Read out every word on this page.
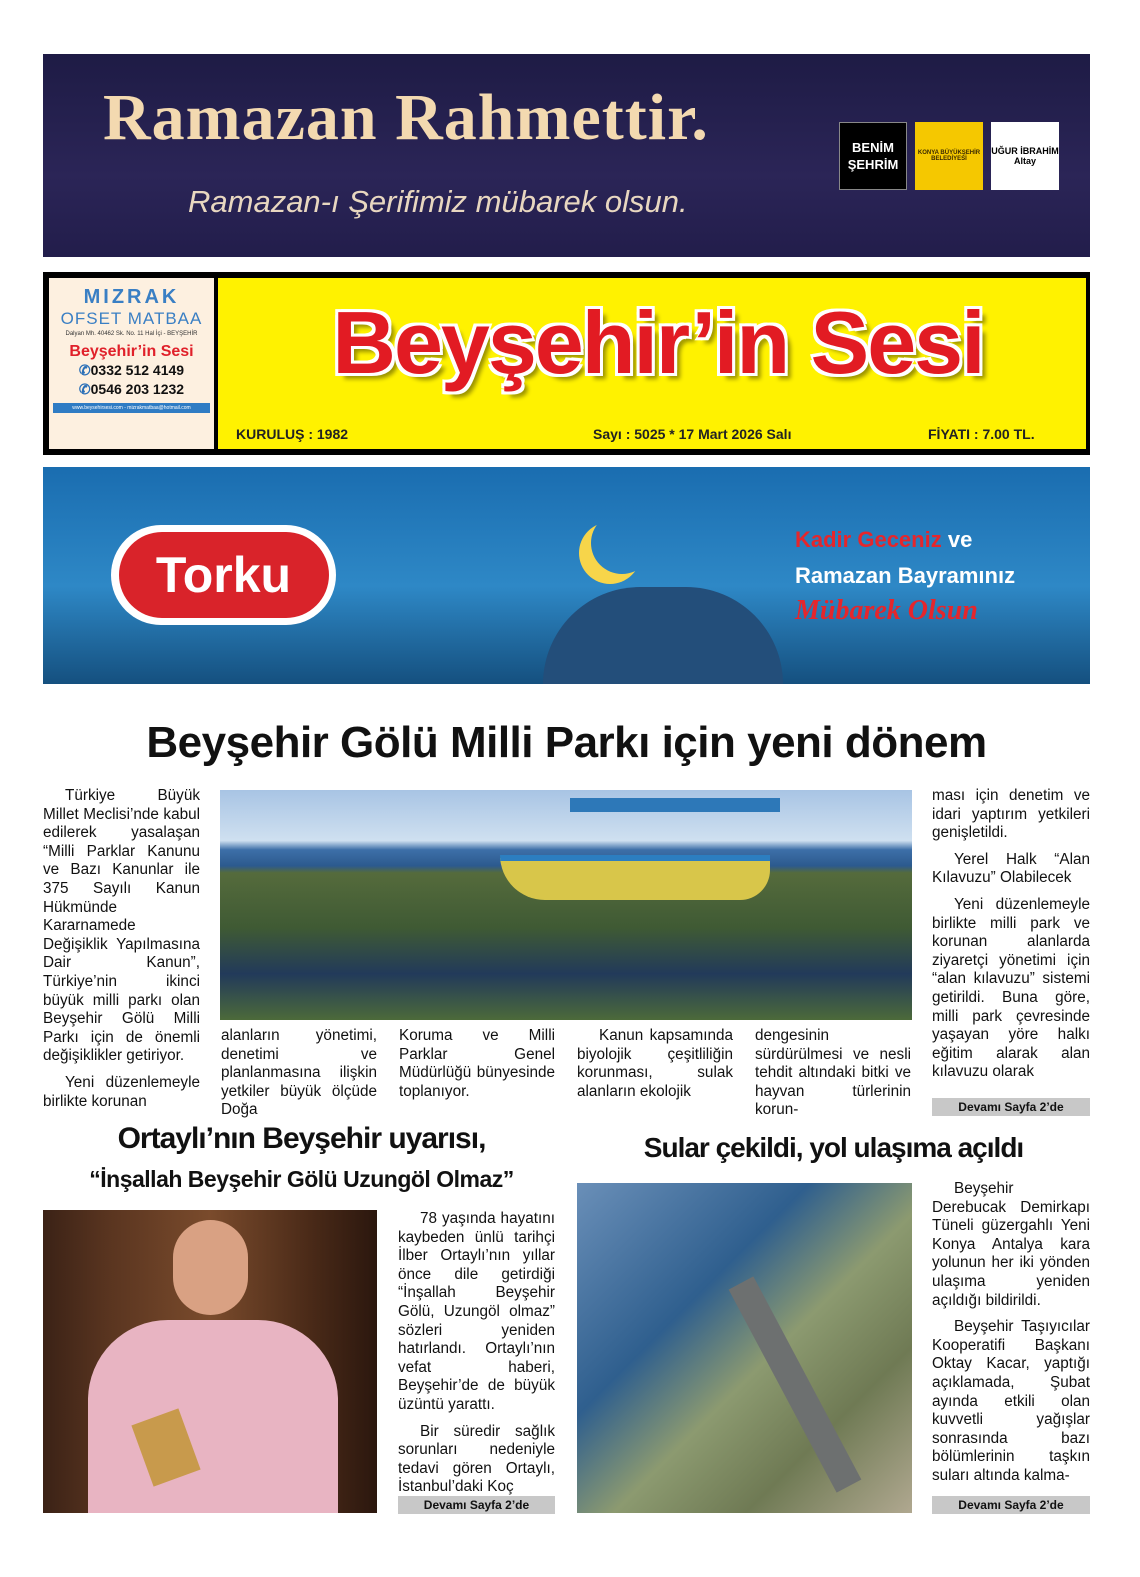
Ramazan Rahmettir.
Ramazan-ı Şerifimiz mübarek olsun.
BENİM ŞEHRİM
KONYA BÜYÜKŞEHİR BELEDİYESİ
UĞUR İBRAHİM Altay
MIZRAK
OFSET MATBAA
Dalyan Mh. 40462 Sk. No. 11 Hal İçi - BEYŞEHİR
Beyşehir’in Sesi
✆0332 512 4149
✆0546 203 1232
www.beysehirsesi.com - mizrakmatbaa@hotmail.com
Beyşehir’in Sesi
KURULUŞ : 1982	Sayı : 5025 * 17 Mart 2026 Salı	FİYATI : 7.00 TL.
Torku
Kadir Geceniz ve
Ramazan Bayramınız
Mübarek Olsun
Beyşehir Gölü Milli Parkı için yeni dönem

Türkiye Büyük Millet Meclisi’nde kabul edilerek yasalaşan “Milli Parklar Kanunu ve Bazı Kanunlar ile 375 Sayılı Kanun Hükmünde Kararnamede Değişiklik Yapılmasına Dair Kanun”, Türkiye’nin ikinci büyük milli parkı olan Beyşehir Gölü Milli Parkı için de önemli değişiklikler getiriyor.

Yeni düzenlemeyle birlikte korunan

alanların yönetimi, denetimi ve planlanmasına ilişkin yetkiler büyük ölçüde Doğa
Koruma ve Milli Parklar Genel Müdürlüğü bünyesinde toplanıyor.

Kanun kapsamında biyolojik çeşitliliğin korunması, sulak alanların ekolojik

dengesinin sürdürülmesi ve nesli tehdit altındaki bitki ve hayvan türlerinin korun-
ması için denetim ve idari yaptırım yetkileri genişletildi.

Yerel Halk “Alan Kılavuzu” Olabilecek

Yeni düzenlemeyle birlikte milli park ve korunan alanlarda ziyaretçi yönetimi için “alan kılavuzu” sistemi getirildi. Buna göre, milli park çevresinde yaşayan yöre halkı eğitim alarak alan kılavuzu olarak

Devamı Sayfa 2’de
Ortaylı’nın Beyşehir uyarısı,
“İnşallah Beyşehir Gölü Uzungöl Olmaz”

78 yaşında hayatını kaybeden ünlü tarihçi İlber Ortaylı’nın yıllar önce dile getirdiği “İnşallah Beyşehir Gölü, Uzungöl olmaz” sözleri yeniden hatırlandı. Ortaylı’nın vefat haberi, Beyşehir’de de büyük üzüntü yarattı.

Bir süredir sağlık sorunları nedeniyle tedavi gören Ortaylı, İstanbul’daki Koç

Devamı Sayfa 2’de
Sular çekildi, yol ulaşıma açıldı

Beyşehir Derebucak Demirkapı Tüneli güzergahlı Yeni Konya Antalya kara yolunun her iki yönden ulaşıma yeniden açıldığı bildirildi.

Beyşehir Taşıyıcılar Kooperatifi Başkanı Oktay Kacar, yaptığı açıklamada, Şubat ayında etkili olan kuvvetli yağışlar sonrasında bazı bölümlerinin taşkın suları altında kalma-

Devamı Sayfa 2’de
